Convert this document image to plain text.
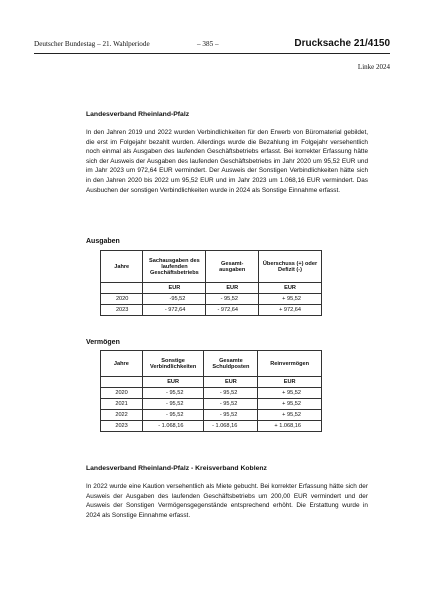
Deutscher Bundestag – 21. Wahlperiode	– 385 –	Drucksache 21/4150
Linke 2024
Landesverband Rheinland-Pfalz
In den Jahren 2019 und 2022 wurden Verbindlichkeiten für den Erwerb von Büromaterial gebildet, die erst im Folgejahr bezahlt wurden. Allerdings wurde die Bezahlung im Folgejahr versehentlich noch einmal als Ausgaben des laufenden Geschäftsbetriebs erfasst. Bei korrekter Erfassung hätte sich der Ausweis der Ausgaben des laufenden Geschäftsbetriebs im Jahr 2020 um 95,52 EUR und im Jahr 2023 um 972,64 EUR vermindert. Der Ausweis der Sonstigen Verbindlichkeiten hätte sich in den Jahren 2020 bis 2022 um 95,52 EUR und im Jahr 2023 um 1.068,16 EUR vermindert. Das Ausbuchen der sonstigen Verbindlichkeiten wurde in 2024 als Sonstige Einnahme erfasst.
Ausgaben
Jahre	Sachausgaben des laufenden Geschäftsbetriebs	Gesamt-ausgaben	Überschuss (+) oder Defizit (-)
	EUR	EUR	EUR
2020	-95,52	- 95,52	+ 95,52
2023	- 972,64	- 972,64	+ 972,64
Vermögen
Jahre	Sonstige Verbindlichkeiten	Gesamte Schuldposten	Reinvermögen
	EUR	EUR	EUR
2020	- 95,52	- 95,52	+ 95,52
2021	- 95,52	- 95,52	+ 95,52
2022	- 95,52	- 95,52	+ 95,52
2023	- 1.068,16	- 1.068,16	+ 1.068,16
Landesverband Rheinland-Pfalz - Kreisverband Koblenz
In 2022 wurde eine Kaution versehentlich als Miete gebucht. Bei korrekter Erfassung hätte sich der Ausweis der Ausgaben des laufenden Geschäftsbetriebs um 200,00 EUR vermindert und der Ausweis der Sonstigen Vermögensgegenstände entsprechend erhöht. Die Erstattung wurde in 2024 als Sonstige Einnahme erfasst.
